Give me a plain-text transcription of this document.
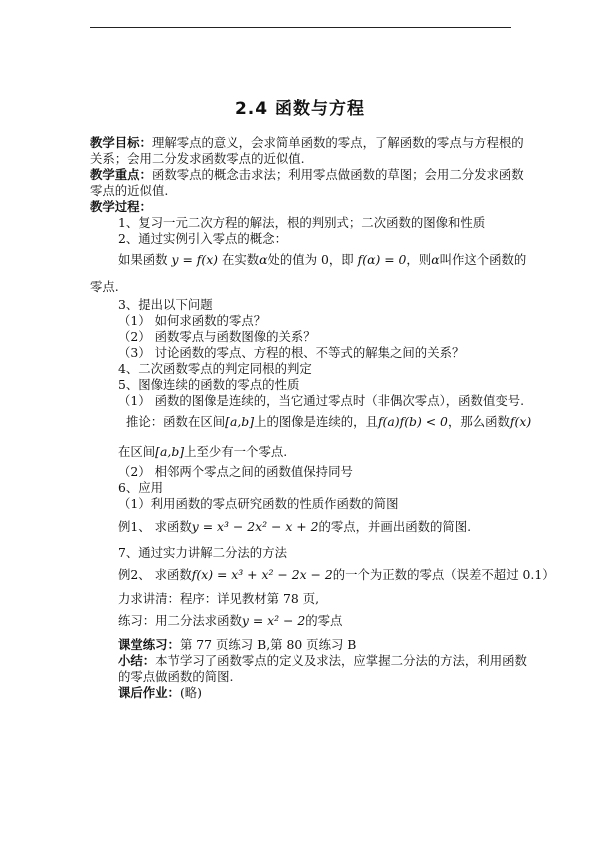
2.4 函数与方程
教学目标：理解零点的意义，会求简单函数的零点，了解函数的零点与方程根的
关系；会用二分发求函数零点的近似值.
教学重点：函数零点的概念击求法；利用零点做函数的草图；会用二分发求函数
零点的近似值.
教学过程：
1、复习一元二次方程的解法，根的判别式；二次函数的图像和性质
2、通过实例引入零点的概念：
如果函数 y = f(x) 在实数α处的值为 0，即 f(α) = 0，则α叫作这个函数的
零点.
3、提出以下问题
（1） 如何求函数的零点？
（2） 函数零点与函数图像的关系？
（3） 讨论函数的零点、方程的根、不等式的解集之间的关系？
4、二次函数零点的判定同根的判定
5、图像连续的函数的零点的性质
（1） 函数的图像是连续的，当它通过零点时（非偶次零点），函数值变号.
推论：函数在区间[a,b]上的图像是连续的，且f(a)f(b) < 0，那么函数f(x)
在区间[a,b]上至少有一个零点.
（2） 相邻两个零点之间的函数值保持同号
6、应用
（1）利用函数的零点研究函数的性质作函数的简图
例1、 求函数y = x³ − 2x² − x + 2的零点，并画出函数的简图.
7、通过实力讲解二分法的方法
例2、 求函数f(x) = x³ + x² − 2x − 2的一个为正数的零点（误差不超过 0.1）
力求讲清：程序：详见教材第 78 页,
练习：用二分法求函数y = x² − 2的零点
课堂练习：第 77 页练习 B,第 80 页练习 B
小结：本节学习了函数零点的定义及求法，应掌握二分法的方法，利用函数
的零点做函数的简图.
课后作业：(略)
